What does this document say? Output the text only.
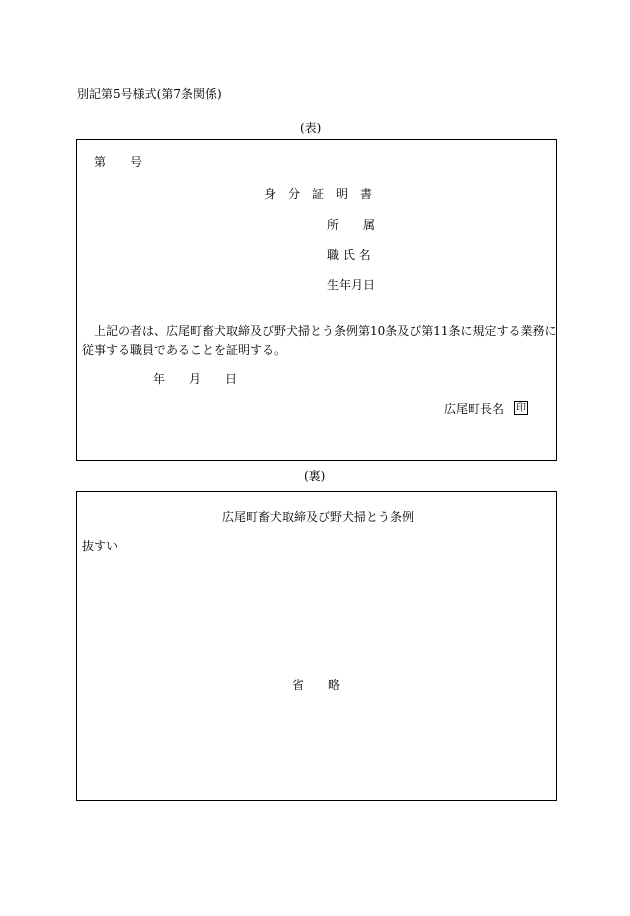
別記第5号様式(第7条関係)
(表)
第　　号
身　分　証　明　書
所　　属
職 氏 名
生年月日
上記の者は、広尾町畜犬取締及び野犬掃とう条例第10条及び第11条に規定する業務に
従事する職員であることを証明する。
年　　月　　日
広尾町長名 印
(裏)
広尾町畜犬取締及び野犬掃とう条例
抜すい
省　　略
